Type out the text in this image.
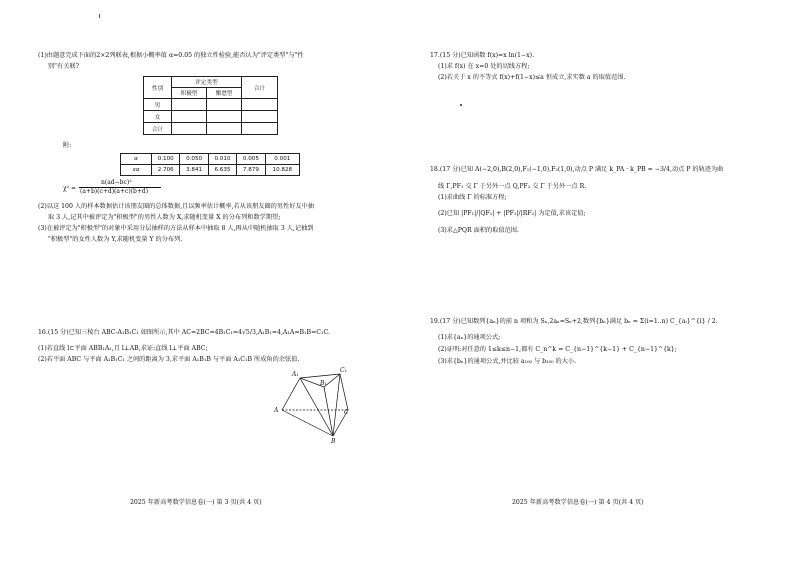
(1)由题意完成下面的2×2列联表,根据小概率值 α=0.05 的独立性检验,能否认为"评定类型"与"性
别"有关联?
性别	评定类型		合计
	积极型	懈怠型	
男			
女			
合计			
附:
α	0.100	0.050	0.010	0.005	0.001
xα	2.706	3.841	6.635	7.879	10.828
χ² =
n(ad−bc)²
(a+b)(c+d)(a+c)(b+d)
(2)以这 100 人的样本数据估计该朋友圈的总体数据,且以频率估计概率,若从该朋友圈的男性好友中抽
取 3 人,记其中被评定为"积极型"的男性人数为 X,求随机变量 X 的分布列和数学期望;
(3)在被评定为"积极型"的对象中采用分层抽样的方法从样本中抽取 8 人,再从中随机抽取 3 人,记抽到
"积极型"的女性人数为 Y,求随机变量 Y 的分布列.
16.(15 分)已知三棱台 ABC-A₁B₁C₁ 如图所示,其中 AC=2BC=4B₁C₁=4√5/3,A₁B₁=4,A₁A=B₁B=C₁C.
(1)若直线 l⊂平面 ABB₁A₁,且 l⊥AB,求证:直线 l⊥平面 ABC;
(2)若平面 ABC 与平面 A₁B₁C₁ 之间的距离为 3,求平面 A₁B₁B 与平面 A₁C₁B 所成角的余弦值.
A₁
C₁
B₁
A	C
B
2025 年新高考数学信息卷(一) 第 3 页(共 4 页)
17.(15 分)已知函数 f(x)=x ln(1−x).
(1)求 f(x) 在 x=0 处的切线方程;
(2)若关于 x 的不等式 f(x)+f(1−x)≤a 恒成立,求实数 a 的取值范围.
18.(17 分)已知 A(−2,0),B(2,0),F₁(−1,0),F₂(1,0),动点 P 满足 k_PA · k_PB = −3/4,动点 P 的轨迹为曲
线 Γ,PF₁ 交 Γ 于另外一点 Q,PF₂ 交 Γ 于另外一点 R.
(1)求曲线 Γ 的标准方程;
(2)已知 |PF₁|/|QF₁| + |PF₂|/|RF₂| 为定值,求该定值;
(3)求△PQR 面积的取值范围.
19.(17 分)已知数列{aₙ}的前 n 项和为 Sₙ,2aₙ=Sₙ+2,数列{bₙ}满足 bₙ = Σ(i=1..n) C_{aᵢ}^{i} / 2.
(1)求{aₙ}的通项公式;
(2)证明:对任意的 1≤k≤n−1,都有 C_n^k = C_{n−1}^{k−1} + C_{n−1}^{k};
(3)求{bₙ}的通项公式,并比较 a₁₀₀ 与 b₁₀₀ 的大小.
2025 年新高考数学信息卷(一) 第 4 页(共 4 页)
